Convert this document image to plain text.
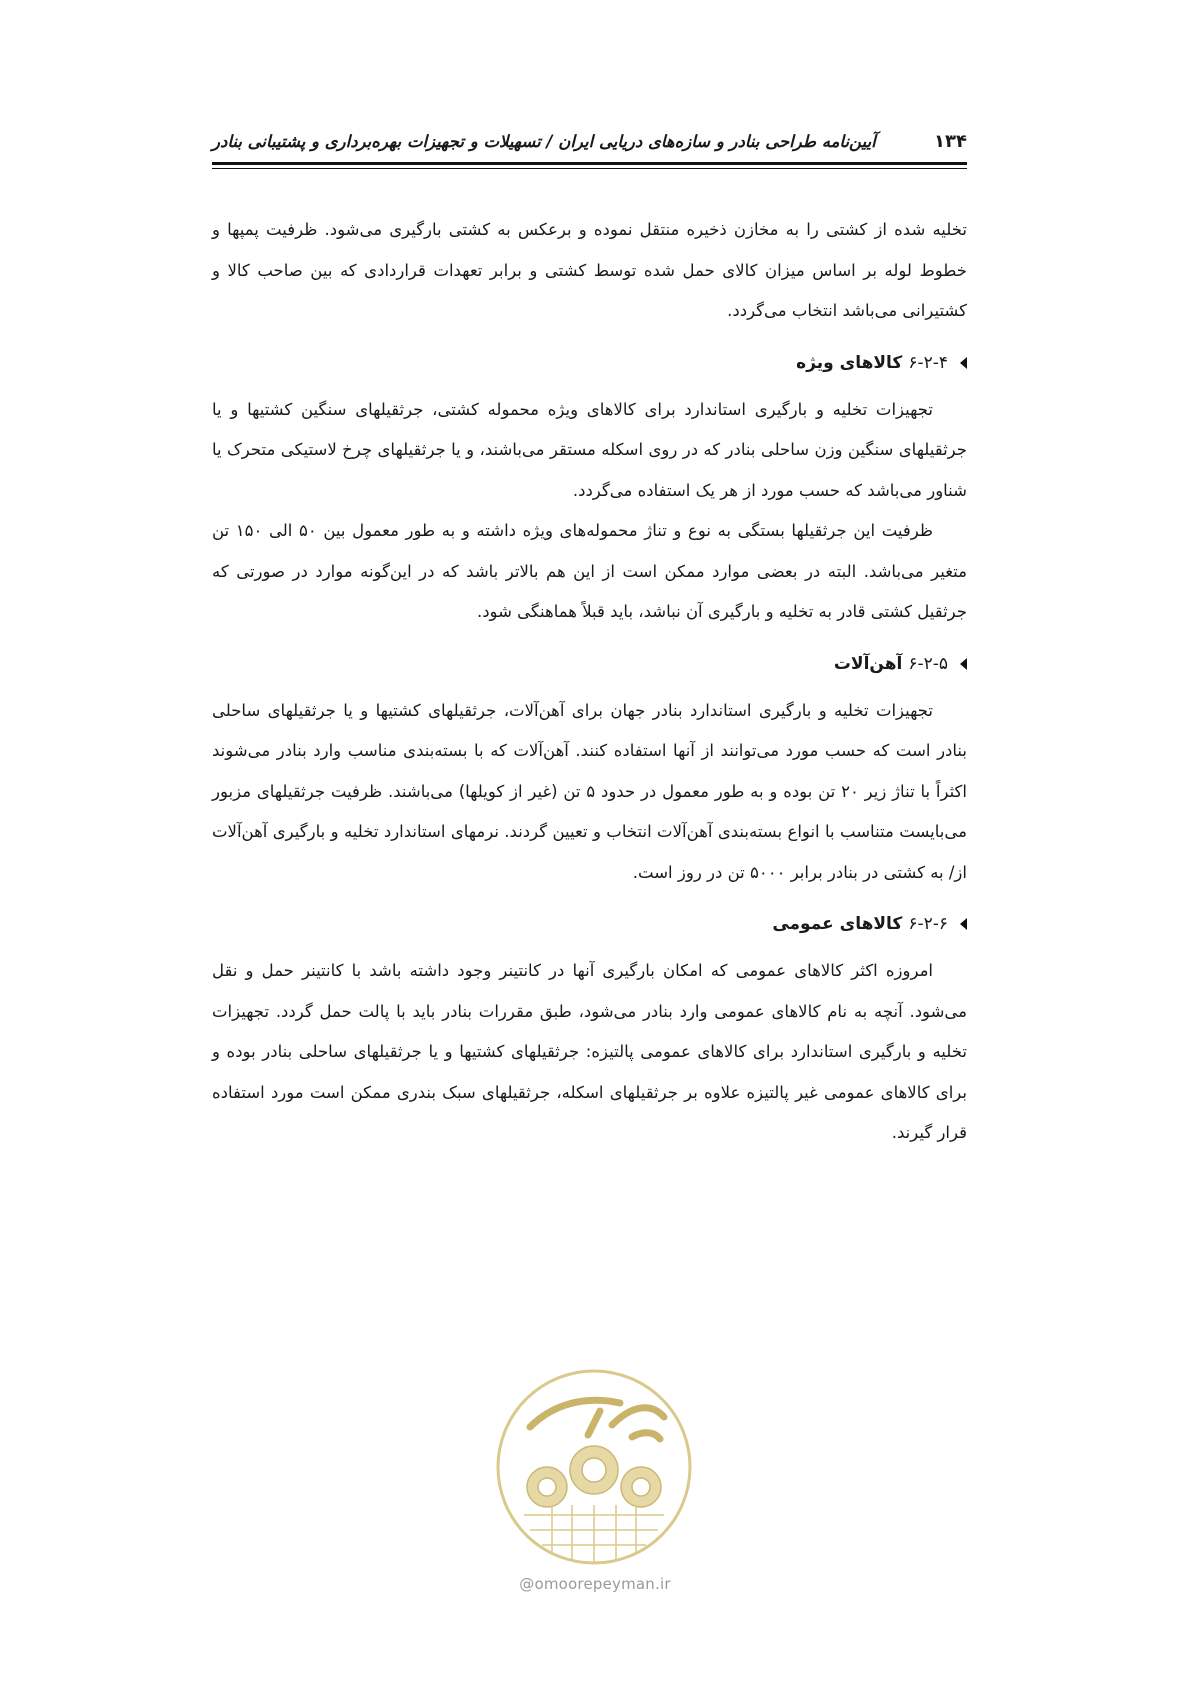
۱۳۴
آیین‌نامه طراحی بنادر و سازه‌های دریایی ایران / تسهیلات و تجهیزات بهره‌برداری و پشتیبانی بنادر

تخلیه شده از کشتی را به مخازن ذخیره منتقل نموده و برعکس به کشتی بارگیری می‌شود. ظرفیت پمپها و خطوط لوله بر اساس میزان کالای حمل شده توسط کشتی و برابر تعهدات قراردادی که بین صاحب کالا و کشتیرانی می‌باشد انتخاب می‌گردد.

۶-۲-۴
کالاهای ویژه

تجهیزات تخلیه و بارگیری استاندارد برای کالاهای ویژه محموله کشتی، جرثقیلهای سنگین کشتیها و یا جرثقیلهای سنگین وزن ساحلی بنادر که در روی اسکله مستقر می‌باشند، و یا جرثقیلهای چرخ لاستیکی متحرک یا شناور می‌باشد که حسب مورد از هر یک استفاده می‌گردد.

ظرفیت این جرثقیلها بستگی به نوع و تناژ محموله‌های ویژه داشته و به طور معمول بین ۵۰ الی ۱۵۰ تن متغیر می‌باشد. البته در بعضی موارد ممکن است از این هم بالاتر باشد که در این‌گونه موارد در صورتی که جرثقیل کشتی قادر به تخلیه و بارگیری آن نباشد، باید قبلاً هماهنگی شود.

۶-۲-۵
آهن‌آلات

تجهیزات تخلیه و بارگیری استاندارد بنادر جهان برای آهن‌آلات، جرثقیلهای کشتیها و یا جرثقیلهای ساحلی بنادر است که حسب مورد می‌توانند از آنها استفاده کنند. آهن‌آلات که با بسته‌بندی مناسب وارد بنادر می‌شوند اکثراً با تناژ زیر ۲۰ تن بوده و به طور معمول در حدود ۵ تن (غیر از کویلها) می‌باشند. ظرفیت جرثقیلهای مزبور می‌بایست متناسب با انواع بسته‌بندی آهن‌آلات انتخاب و تعیین گردند. نرمهای استاندارد تخلیه و بارگیری آهن‌آلات از/ به کشتی در بنادر برابر ۵۰۰۰ تن در روز است.

۶-۲-۶
کالاهای عمومی

امروزه اکثر کالاهای عمومی که امکان بارگیری آنها در کانتینر وجود داشته باشد با کانتینر حمل و نقل می‌شود. آنچه به نام کالاهای عمومی وارد بنادر می‌شود، طبق مقررات بنادر باید با پالت حمل گردد. تجهیزات تخلیه و بارگیری استاندارد برای کالاهای عمومی پالتیزه: جرثقیلهای کشتیها و یا جرثقیلهای ساحلی بنادر بوده و برای کالاهای عمومی غیر پالتیزه علاوه بر جرثقیلهای اسکله، جرثقیلهای سبک بندری ممکن است مورد استفاده قرار گیرند.

@omoorepeyman.ir
